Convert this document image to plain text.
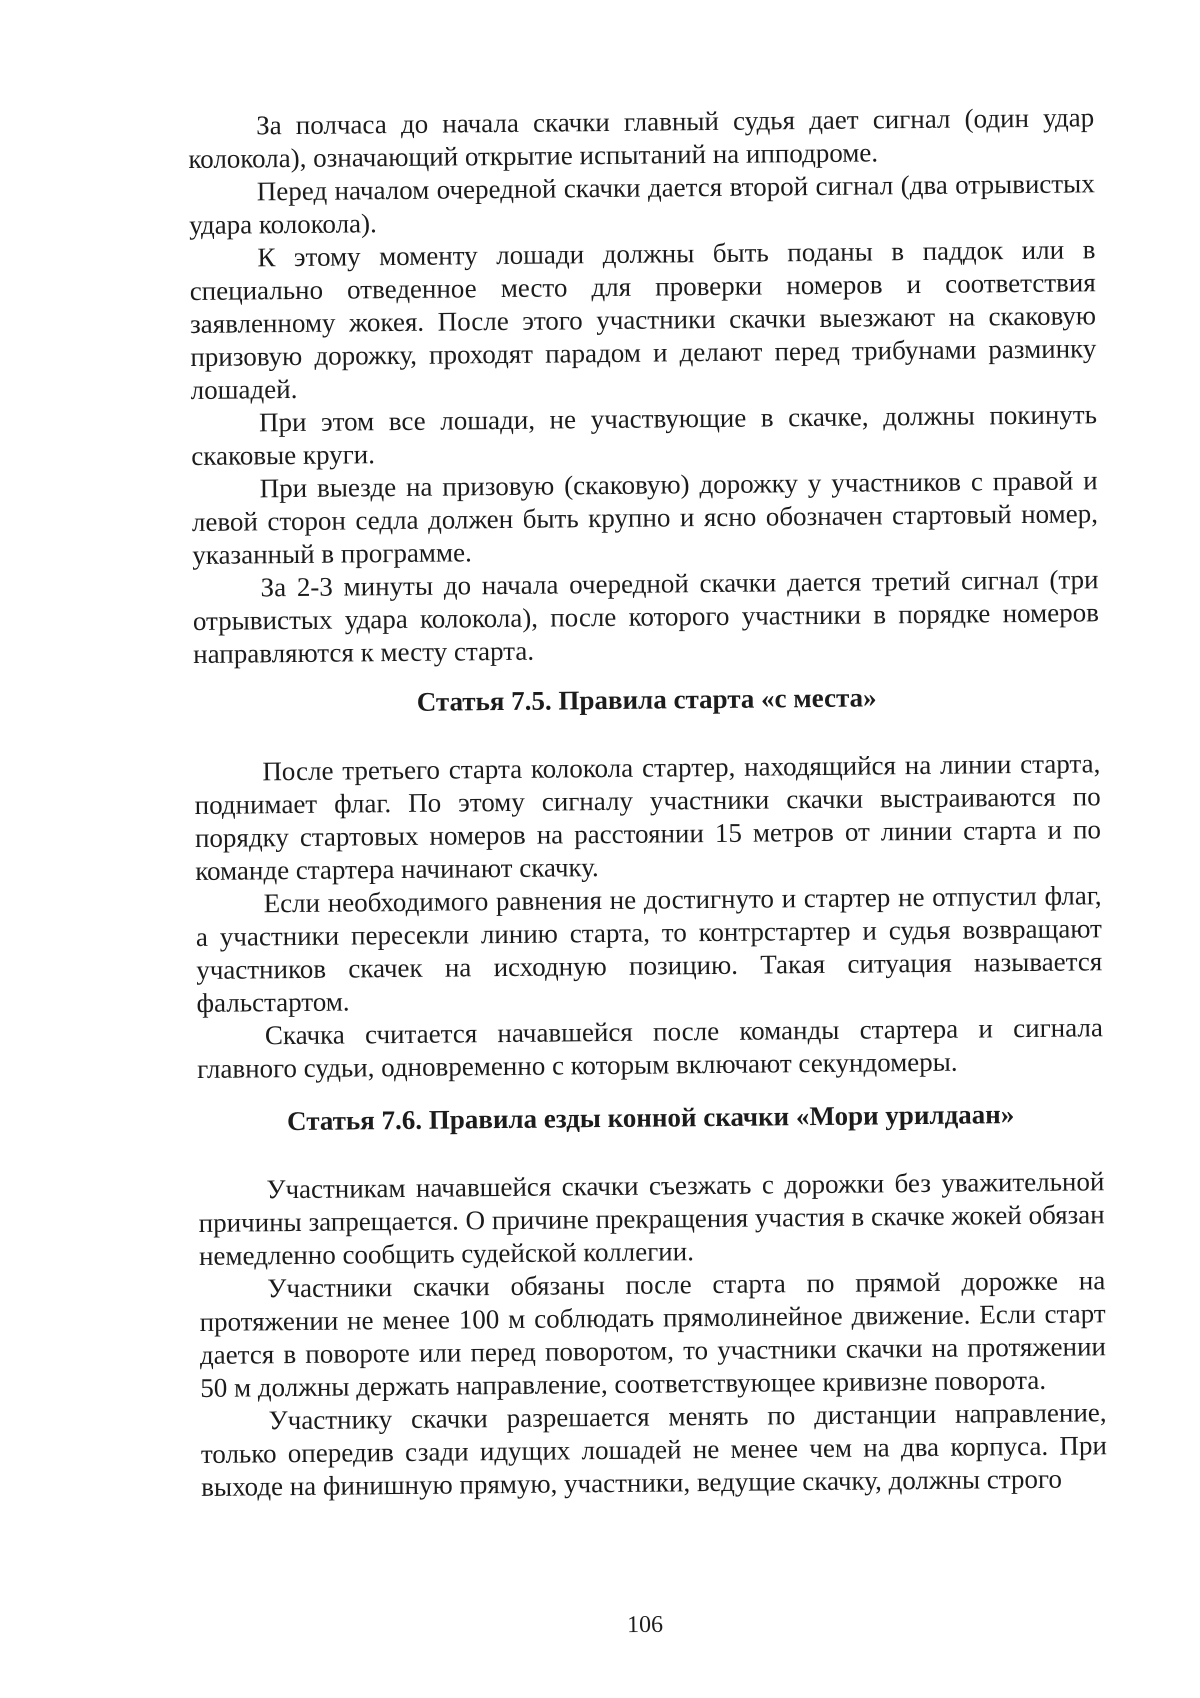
За полчаса до начала скачки главный судья дает сигнал (один удар колокола), означающий открытие испытаний на ипподроме.

Перед началом очередной скачки дается второй сигнал (два отрывистых удара колокола).

К этому моменту лошади должны быть поданы в паддок или в специально отведенное место для проверки номеров и соответствия заявленному жокея. После этого участники скачки выезжают на скаковую призовую дорожку, проходят парадом и делают перед трибунами разминку лошадей.

При этом все лошади, не участвующие в скачке, должны покинуть скаковые круги.

При выезде на призовую (скаковую) дорожку у участников с правой и левой сторон седла должен быть крупно и ясно обозначен стартовый номер, указанный в программе.

За 2-3 минуты до начала очередной скачки дается третий сигнал (три отрывистых удара колокола), после которого участники в порядке номеров направляются к месту старта.

Статья 7.5. Правила старта «с места»

После третьего старта колокола стартер, находящийся на линии старта, поднимает флаг. По этому сигналу участники скачки выстраиваются по порядку стартовых номеров на расстоянии 15 метров от линии старта и по команде стартера начинают скачку.

Если необходимого равнения не достигнуто и стартер не отпустил флаг, а участники пересекли линию старта, то контрстартер и судья возвращают участников скачек на исходную позицию. Такая ситуация называется фальстартом.

Скачка считается начавшейся после команды стартера и сигнала главного судьи, одновременно с которым включают секундомеры.

Статья 7.6. Правила езды конной скачки «Мори урилдаан»

Участникам начавшейся скачки съезжать с дорожки без уважительной причины запрещается. О причине прекращения участия в скачке жокей обязан немедленно сообщить судейской коллегии.

Участники скачки обязаны после старта по прямой дорожке на протяжении не менее 100 м соблюдать прямолинейное движение. Если старт дается в повороте или перед поворотом, то участники скачки на протяжении 50 м должны держать направление, соответствующее кривизне поворота.

Участнику скачки разрешается менять по дистанции направление, только опередив сзади идущих лошадей не менее чем на два корпуса. При выходе на финишную прямую, участники, ведущие скачку, должны строго

106
